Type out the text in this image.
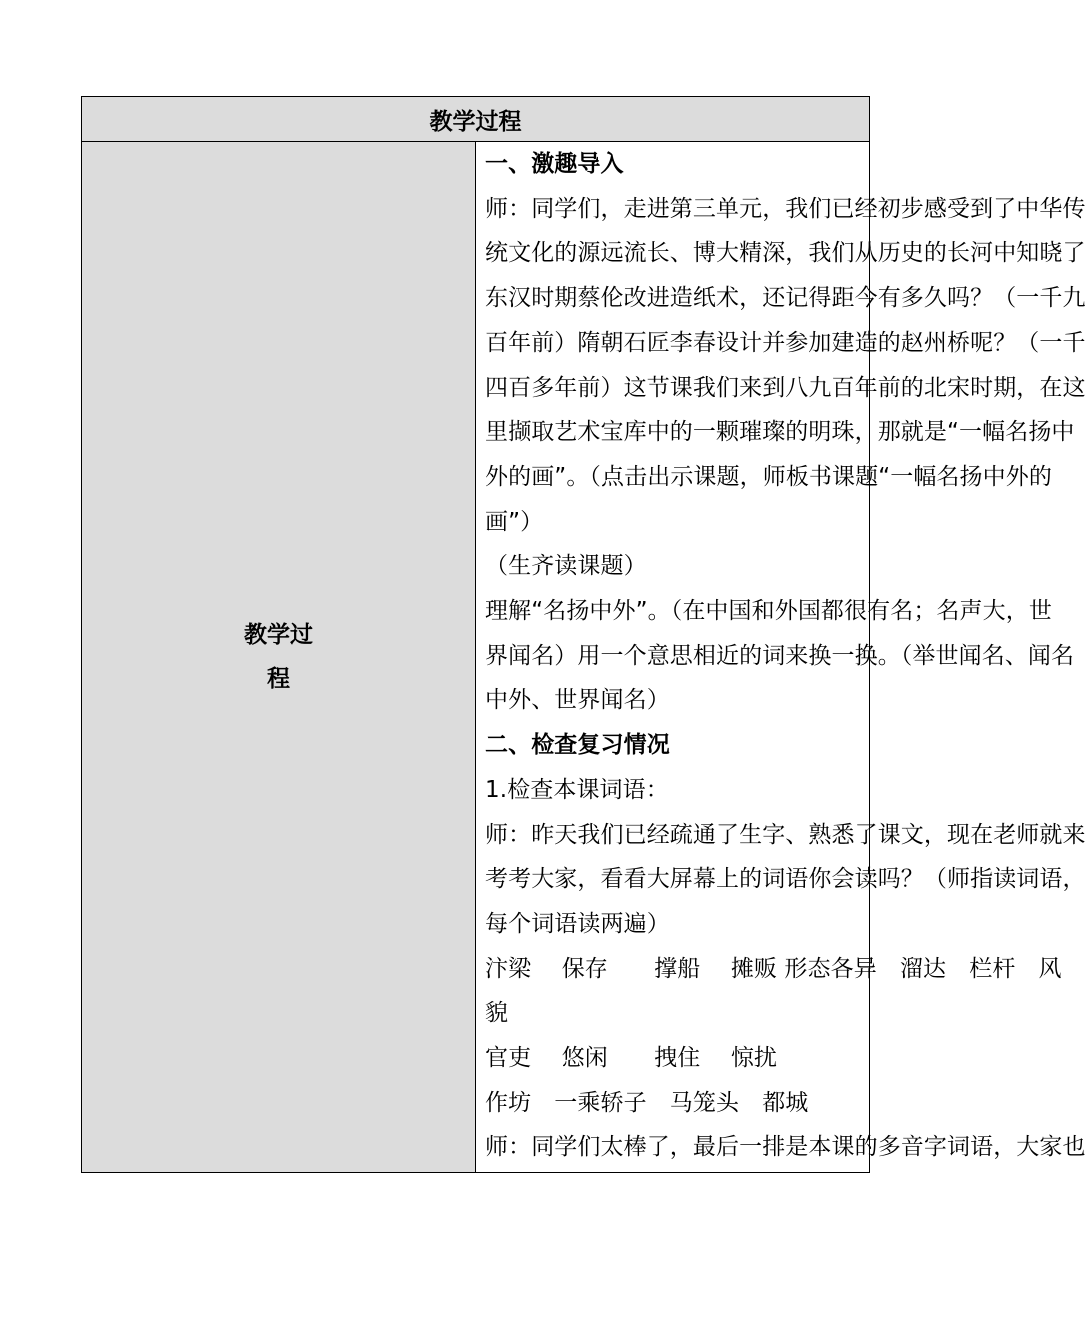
教学过程
教学过程	
一、激趣导入
师：同学们，走进第三单元，我们已经初步感受到了中华传
统文化的源远流长、博大精深，我们从历史的长河中知晓了
东汉时期蔡伦改进造纸术，还记得距今有多久吗？（一千九
百年前）隋朝石匠李春设计并参加建造的赵州桥呢？（一千
四百多年前）这节课我们来到八九百年前的北宋时期，在这
里撷取艺术宝库中的一颗璀璨的明珠，那就是“一幅名扬中
外的画”。（点击出示课题，师板书课题“一幅名扬中外的
画”）
（生齐读课题）
理解“名扬中外”。（在中国和外国都很有名；名声大，世
界闻名）用一个意思相近的词来换一换。（举世闻名、闻名
中外、世界闻名）
二、检查复习情况
1.检查本课词语：
师：昨天我们已经疏通了生字、熟悉了课文，现在老师就来
考考大家，看看大屏幕上的词语你会读吗？（师指读词语，
每个词语读两遍）
汴梁　 保存　　撑船　 摊贩 形态各异　溜达　栏杆　风
貌
官吏　 悠闲　　拽住　 惊扰
作坊　一乘轿子　马笼头　都城
师：同学们太棒了，最后一排是本课的多音字词语，大家也
